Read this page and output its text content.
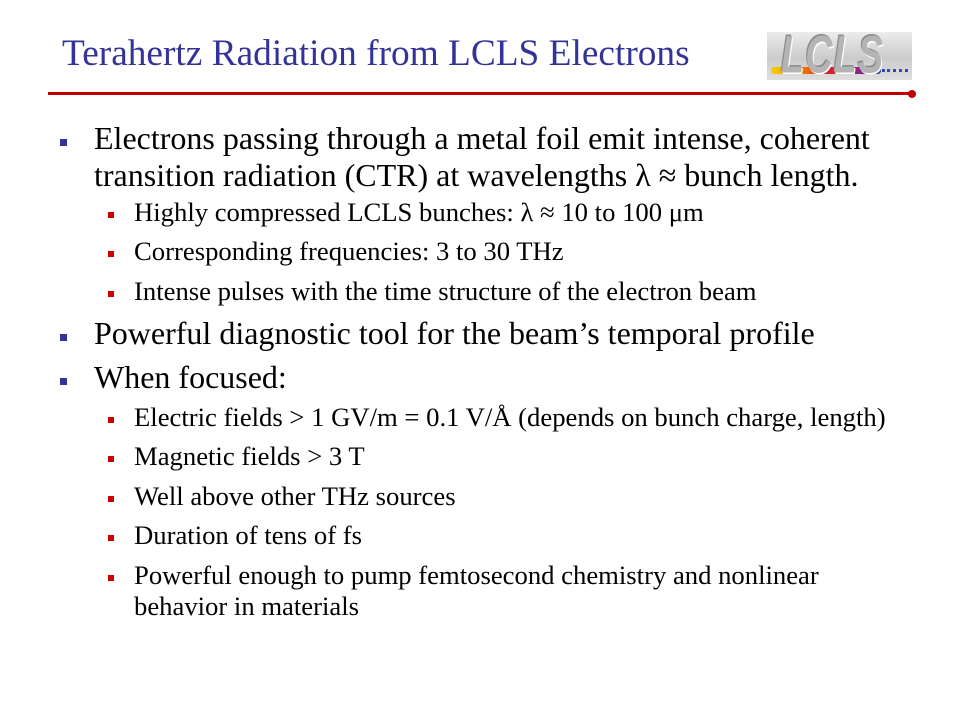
Terahertz Radiation from LCLS Electrons LCLS
Electrons passing through a metal foil emit intense, coherent transition radiation (CTR) at wavelengths λ ≈ bunch length.
Highly compressed LCLS bunches: λ ≈ 10 to 100 μm
Corresponding frequencies: 3 to 30 THz
Intense pulses with the time structure of the electron beam
Powerful diagnostic tool for the beam’s temporal profile
When focused:
Electric fields > 1 GV/m = 0.1 V/Å (depends on bunch charge, length)
Magnetic fields > 3 T
Well above other THz sources
Duration of tens of fs
Powerful enough to pump femtosecond chemistry and nonlinear behavior in materials
